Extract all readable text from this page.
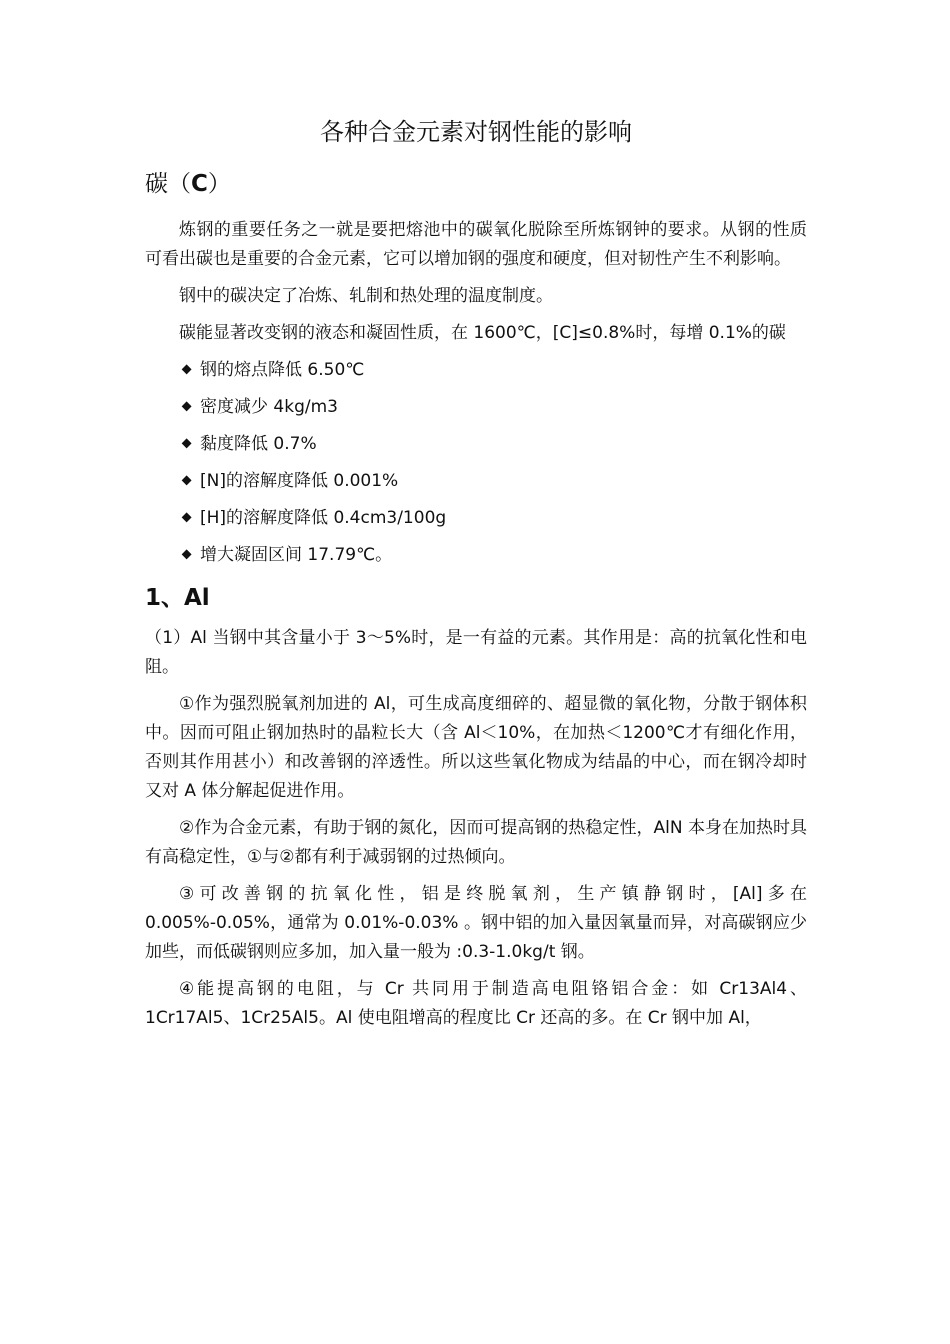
各种合金元素对钢性能的影响
碳（C）

炼钢的重要任务之一就是要把熔池中的碳氧化脱除至所炼钢钟的要求。从钢的性质可看出碳也是重要的合金元素，它可以增加钢的强度和硬度，但对韧性产生不利影响。

钢中的碳决定了冶炼、轧制和热处理的温度制度。

碳能显著改变钢的液态和凝固性质，在 1600℃，[C]≤0.8%时，每增 0.1%的碳

钢的熔点降低 6.50℃
密度减少 4kg/m3
黏度降低 0.7%
[N]的溶解度降低 0.001%
[H]的溶解度降低 0.4cm3/100g
增大凝固区间 17.79℃。
1、Al

（1）Al 当钢中其含量小于 3～5%时，是一有益的元素。其作用是：高的抗氧化性和电阻。

①作为强烈脱氧剂加进的 Al，可生成高度细碎的、超显微的氧化物，分散于钢体积中。因而可阻止钢加热时的晶粒长大（含 Al＜10%，在加热＜1200℃才有细化作用，否则其作用甚小）和改善钢的淬透性。所以这些氧化物成为结晶的中心，而在钢冷却时又对 A 体分解起促进作用。

②作为合金元素，有助于钢的氮化，因而可提高钢的热稳定性，AlN 本身在加热时具有高稳定性，①与②都有利于减弱钢的过热倾向。

③可改善钢的抗氧化性，铝是终脱氧剂，生产镇静钢时，[Al]多在 0.005%-0.05%，通常为 0.01%-0.03% 。钢中铝的加入量因氧量而异，对高碳钢应少加些，而低碳钢则应多加，加入量一般为 :0.3-1.0kg/t 钢。

④能提高钢的电阻，与 Cr 共同用于制造高电阻铬铝合金：如 Cr13Al4、1Cr17Al5、1Cr25Al5。Al 使电阻增高的程度比 Cr 还高的多。在 Cr 钢中加 Al，
